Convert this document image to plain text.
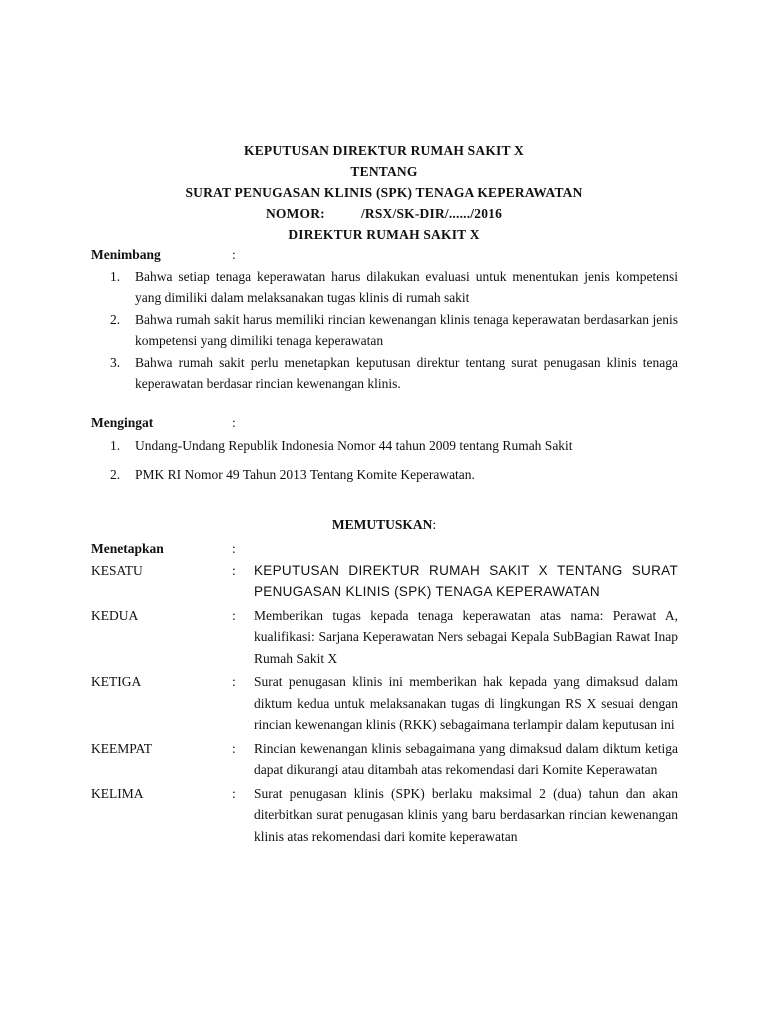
KEPUTUSAN DIREKTUR RUMAH SAKIT X
TENTANG
SURAT PENUGASAN KLINIS (SPK) TENAGA KEPERAWATAN
NOMOR:	/RSX/SK-DIR/....../2016
DIREKTUR RUMAH SAKIT X
Menimbang	:
1.	Bahwa setiap tenaga keperawatan harus dilakukan evaluasi untuk menentukan jenis kompetensi yang dimiliki dalam melaksanakan tugas klinis di rumah sakit
2.	Bahwa rumah sakit harus memiliki rincian kewenangan klinis tenaga keperawatan berdasarkan jenis kompetensi yang dimiliki tenaga keperawatan
3.	Bahwa rumah sakit perlu menetapkan keputusan direktur tentang surat penugasan klinis tenaga keperawatan berdasar rincian kewenangan klinis.
Mengingat	:
1.	Undang-Undang Republik Indonesia Nomor 44 tahun 2009 tentang Rumah Sakit
2.	PMK RI Nomor 49 Tahun 2013 Tentang Komite Keperawatan.
MEMUTUSKAN:
Menetapkan	:
KESATU	:	KEPUTUSAN DIREKTUR RUMAH SAKIT X TENTANG SURAT PENUGASAN KLINIS (SPK) TENAGA KEPERAWATAN
KEDUA	:	Memberikan tugas kepada tenaga keperawatan atas nama: Perawat A, kualifikasi: Sarjana Keperawatan Ners sebagai Kepala SubBagian Rawat Inap Rumah Sakit X
KETIGA	:	Surat penugasan klinis ini memberikan hak kepada yang dimaksud dalam diktum kedua untuk melaksanakan tugas di lingkungan RS X sesuai dengan rincian kewenangan klinis (RKK) sebagaimana terlampir dalam keputusan ini
KEEMPAT	:	Rincian kewenangan klinis sebagaimana yang dimaksud dalam diktum ketiga dapat dikurangi atau ditambah atas rekomendasi dari Komite Keperawatan
KELIMA	:	Surat penugasan klinis (SPK) berlaku maksimal 2 (dua) tahun dan akan diterbitkan surat penugasan klinis yang baru berdasarkan rincian kewenangan klinis atas rekomendasi dari komite keperawatan
